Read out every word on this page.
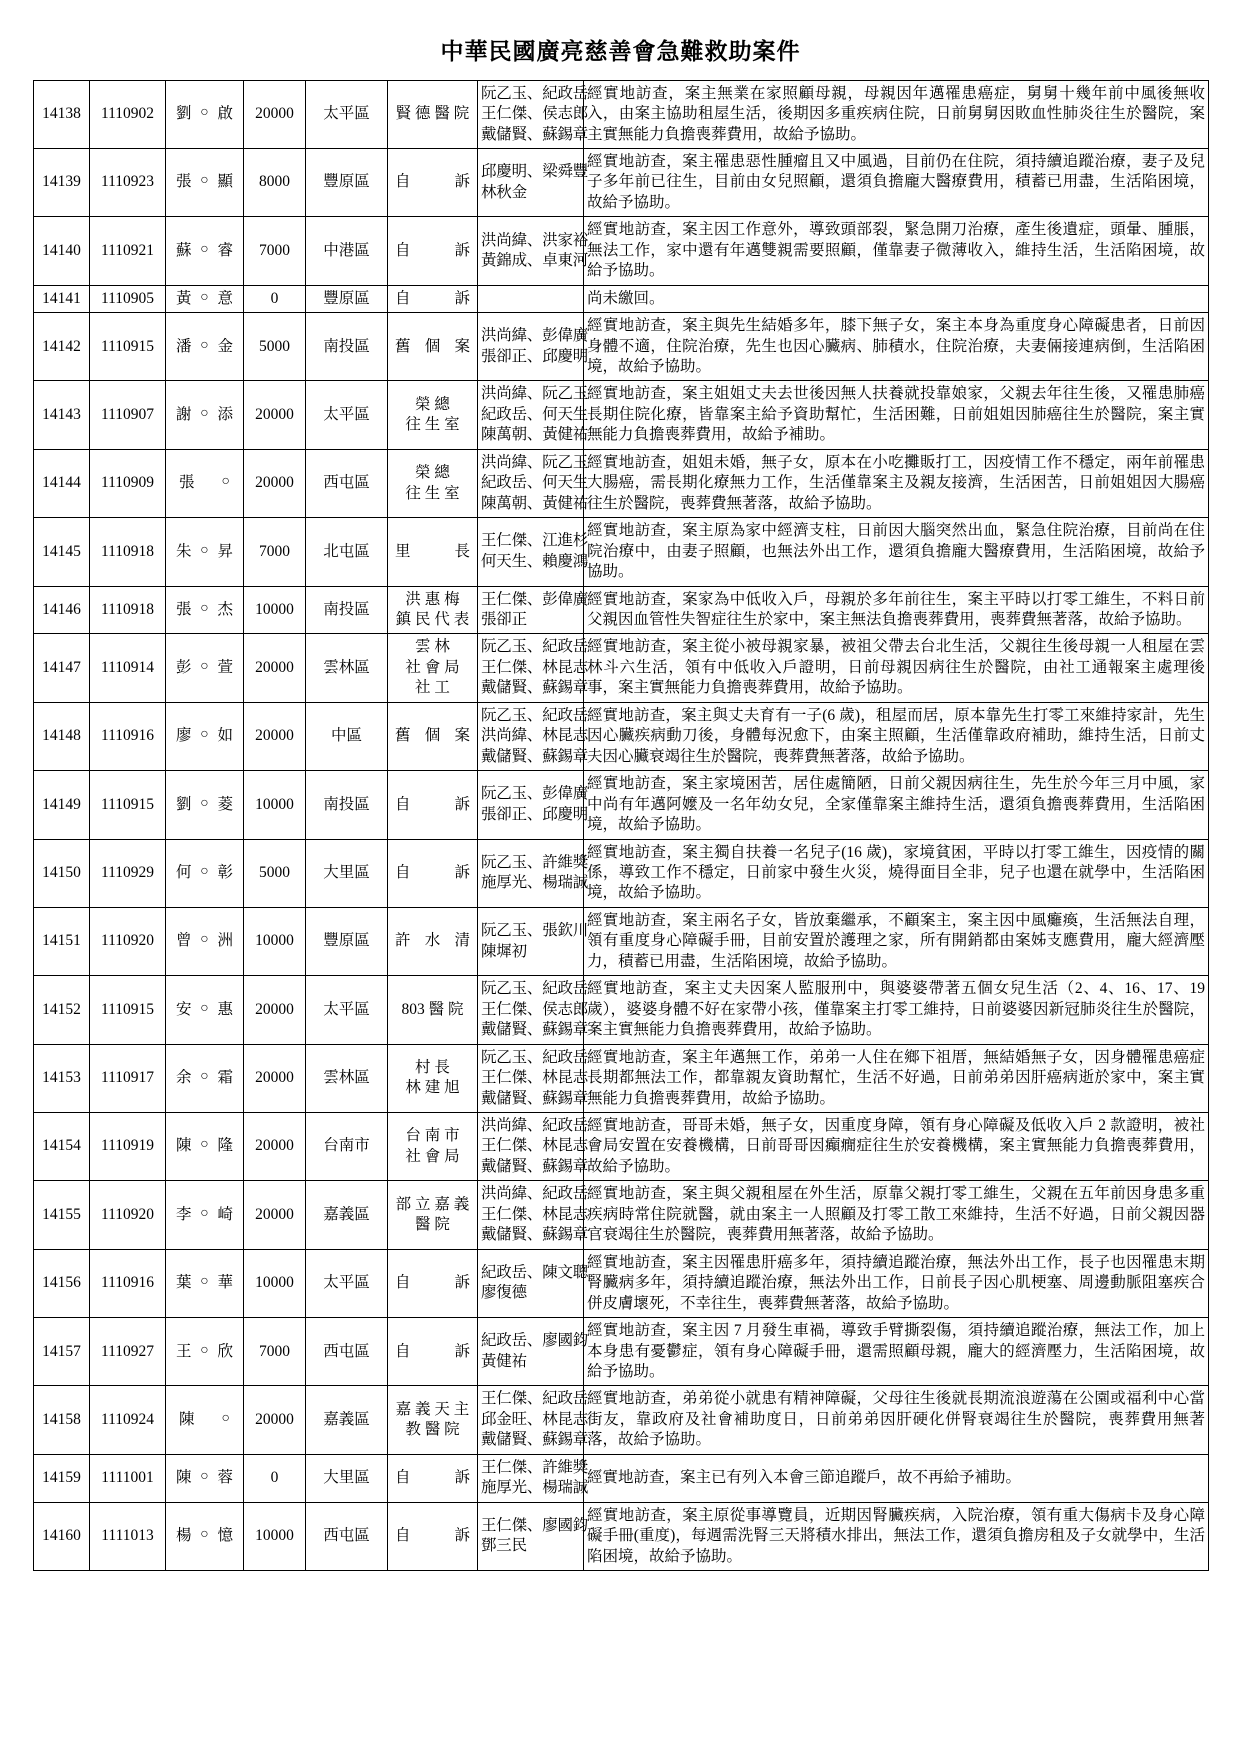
中華民國廣亮慈善會急難救助案件
14138	1110902	劉 ○ 啟	20000	太平區	賢 德 醫 院	阮乙玉、紀政岳
王仁傑、侯志郎
戴儲賢、蘇錫章	經實地訪查，案主無業在家照顧母親，母親因年邁罹患癌症，舅舅十幾年前中風後無收入，由案主協助租屋生活，後期因多重疾病住院，日前舅舅因敗血性肺炎往生於醫院，案主實無能力負擔喪葬費用，故給予協助。
14139	1110923	張 ○ 顯	8000	豐原區	自 訴	邱慶明、梁舜豐
林秋金	經實地訪查，案主罹患惡性腫瘤且又中風過，目前仍在住院，須持續追蹤治療，妻子及兒子多年前已往生，目前由女兒照顧，還須負擔龐大醫療費用，積蓄已用盡，生活陷困境，故給予協助。
14140	1110921	蘇 ○ 睿	7000	中港區	自 訴	洪尚緯、洪家裕
黃錦成、卓東河	經實地訪查，案主因工作意外，導致頭部裂，緊急開刀治療，產生後遺症，頭暈、腫脹，無法工作，家中還有年邁雙親需要照顧，僅靠妻子微薄收入，維持生活，生活陷困境，故給予協助。
14141	1110905	黃 ○ 意	0	豐原區	自 訴		尚未繳回。
14142	1110915	潘 ○ 金	5000	南投區	舊 個 案	洪尚緯、彭偉廣
張卻正、邱慶明	經實地訪查，案主與先生結婚多年，膝下無子女，案主本身為重度身心障礙患者，日前因身體不適，住院治療，先生也因心臟病、肺積水，住院治療，夫妻倆接連病倒，生活陷困境，故給予協助。
14143	1110907	謝 ○ 添	20000	太平區	榮 總
往 生 室	洪尚緯、阮乙玉
紀政岳、何天生
陳萬朝、黃健祐	經實地訪查，案主姐姐丈夫去世後因無人扶養就投靠娘家，父親去年往生後，又罹患肺癌長期住院化療，皆靠案主給予資助幫忙，生活困難，日前姐姐因肺癌往生於醫院，案主實無能力負擔喪葬費用，故給予補助。
14144	1110909	張 ○	20000	西屯區	榮 總
往 生 室	洪尚緯、阮乙玉
紀政岳、何天生
陳萬朝、黃健祐	經實地訪查，姐姐未婚，無子女，原本在小吃攤販打工，因疫情工作不穩定，兩年前罹患大腸癌，需長期化療無力工作，生活僅靠案主及親友接濟，生活困苦，日前姐姐因大腸癌往生於醫院，喪葬費無著落，故給予協助。
14145	1110918	朱 ○ 昇	7000	北屯區	里 長	王仁傑、江進杉
何天生、賴慶鴻	經實地訪查，案主原為家中經濟支柱，日前因大腦突然出血，緊急住院治療，目前尚在住院治療中，由妻子照顧，也無法外出工作，還須負擔龐大醫療費用，生活陷困境，故給予協助。
14146	1110918	張 ○ 杰	10000	南投區	洪 惠 梅
鎮 民 代 表	王仁傑、彭偉廣
張卻正	經實地訪查，案家為中低收入戶，母親於多年前往生，案主平時以打零工維生，不料日前父親因血管性失智症往生於家中，案主無法負擔喪葬費用，喪葬費無著落，故給予協助。
14147	1110914	彭 ○ 萱	20000	雲林區	雲 林
社 會 局
社 工	阮乙玉、紀政岳
王仁傑、林昆志
戴儲賢、蘇錫章	經實地訪查，案主從小被母親家暴，被祖父帶去台北生活，父親往生後母親一人租屋在雲林斗六生活，領有中低收入戶證明，日前母親因病往生於醫院，由社工通報案主處理後事，案主實無能力負擔喪葬費用，故給予協助。
14148	1110916	廖 ○ 如	20000	中區	舊 個 案	阮乙玉、紀政岳
洪尚緯、林昆志
戴儲賢、蘇錫章	經實地訪查，案主與丈夫育有一子(6 歲)，租屋而居，原本靠先生打零工來維持家計，先生因心臟疾病動刀後，身體每況愈下，由案主照顧，生活僅靠政府補助，維持生活，日前丈夫因心臟衰竭往生於醫院，喪葬費無著落，故給予協助。
14149	1110915	劉 ○ 菱	10000	南投區	自 訴	阮乙玉、彭偉廣
張卻正、邱慶明	經實地訪查，案主家境困苦，居住處簡陋，日前父親因病往生，先生於今年三月中風，家中尚有年邁阿嬤及一名年幼女兒，全家僅靠案主維持生活，還須負擔喪葬費用，生活陷困境，故給予協助。
14150	1110929	何 ○ 彰	5000	大里區	自 訴	阮乙玉、許維獎
施厚光、楊瑞誠	經實地訪查，案主獨自扶養一名兒子(16 歲)，家境貧困，平時以打零工維生，因疫情的關係，導致工作不穩定，日前家中發生火災，燒得面目全非，兒子也還在就學中，生活陷困境，故給予協助。
14151	1110920	曾 ○ 洲	10000	豐原區	許 水 清	阮乙玉、張欽川
陳墀初	經實地訪查，案主兩名子女，皆放棄繼承，不顧案主，案主因中風癱瘓，生活無法自理，領有重度身心障礙手冊，目前安置於護理之家，所有開銷都由案姊支應費用，龐大經濟壓力，積蓄已用盡，生活陷困境，故給予協助。
14152	1110915	安 ○ 惠	20000	太平區	803 醫 院	阮乙玉、紀政岳
王仁傑、侯志郎
戴儲賢、蘇錫章	經實地訪查，案主丈夫因案人監服刑中，與婆婆帶著五個女兒生活（2、4、16、17、19 歲），婆婆身體不好在家帶小孩，僅靠案主打零工維持，日前婆婆因新冠肺炎往生於醫院，案主實無能力負擔喪葬費用，故給予協助。
14153	1110917	余 ○ 霜	20000	雲林區	村 長
林 建 旭	阮乙玉、紀政岳
王仁傑、林昆志
戴儲賢、蘇錫章	經實地訪查，案主年邁無工作，弟弟一人住在鄉下祖厝，無結婚無子女，因身體罹患癌症長期都無法工作，都靠親友資助幫忙，生活不好過，日前弟弟因肝癌病逝於家中，案主實無能力負擔喪葬費用，故給予協助。
14154	1110919	陳 ○ 隆	20000	台南市	台 南 市
社 會 局	洪尚緯、紀政岳
王仁傑、林昆志
戴儲賢、蘇錫章	經實地訪查，哥哥未婚，無子女，因重度身障，領有身心障礙及低收入戶 2 款證明，被社會局安置在安養機構，日前哥哥因癲癇症往生於安養機構，案主實無能力負擔喪葬費用，故給予協助。
14155	1110920	李 ○ 崎	20000	嘉義區	部 立 嘉 義
醫 院	洪尚緯、紀政岳
王仁傑、林昆志
戴儲賢、蘇錫章	經實地訪查，案主與父親租屋在外生活，原靠父親打零工維生，父親在五年前因身患多重疾病時常住院就醫，就由案主一人照顧及打零工散工來維持，生活不好過，日前父親因器官衰竭往生於醫院，喪葬費用無著落，故給予協助。
14156	1110916	葉 ○ 華	10000	太平區	自 訴	紀政岳、陳文聰
廖復德	經實地訪查，案主因罹患肝癌多年，須持續追蹤治療，無法外出工作，長子也因罹患末期腎臟病多年，須持續追蹤治療，無法外出工作，日前長子因心肌梗塞、周邊動脈阻塞疾合併皮膚壞死，不幸往生，喪葬費無著落，故給予協助。
14157	1110927	王 ○ 欣	7000	西屯區	自 訴	紀政岳、廖國鈞
黃健祐	經實地訪查，案主因 7 月發生車禍，導致手臂撕裂傷，須持續追蹤治療，無法工作，加上本身患有憂鬱症，領有身心障礙手冊，還需照顧母親，龐大的經濟壓力，生活陷困境，故給予協助。
14158	1110924	陳 ○	20000	嘉義區	嘉 義 天 主
教 醫 院	王仁傑、紀政岳
邱金旺、林昆志
戴儲賢、蘇錫章	經實地訪查，弟弟從小就患有精神障礙，父母往生後就長期流浪遊蕩在公園或福利中心當街友，靠政府及社會補助度日，日前弟弟因肝硬化併腎衰竭往生於醫院，喪葬費用無著落，故給予協助。
14159	1111001	陳 ○ 蓉	0	大里區	自 訴	王仁傑、許維獎
施厚光、楊瑞誠	經實地訪查，案主已有列入本會三節追蹤戶，故不再給予補助。
14160	1111013	楊 ○ 憶	10000	西屯區	自 訴	王仁傑、廖國鈞
鄧三民	經實地訪查，案主原從事導覽員，近期因腎臟疾病，入院治療，領有重大傷病卡及身心障礙手冊(重度)，每週需洗腎三天將積水排出，無法工作，還須負擔房租及子女就學中，生活陷困境，故給予協助。
